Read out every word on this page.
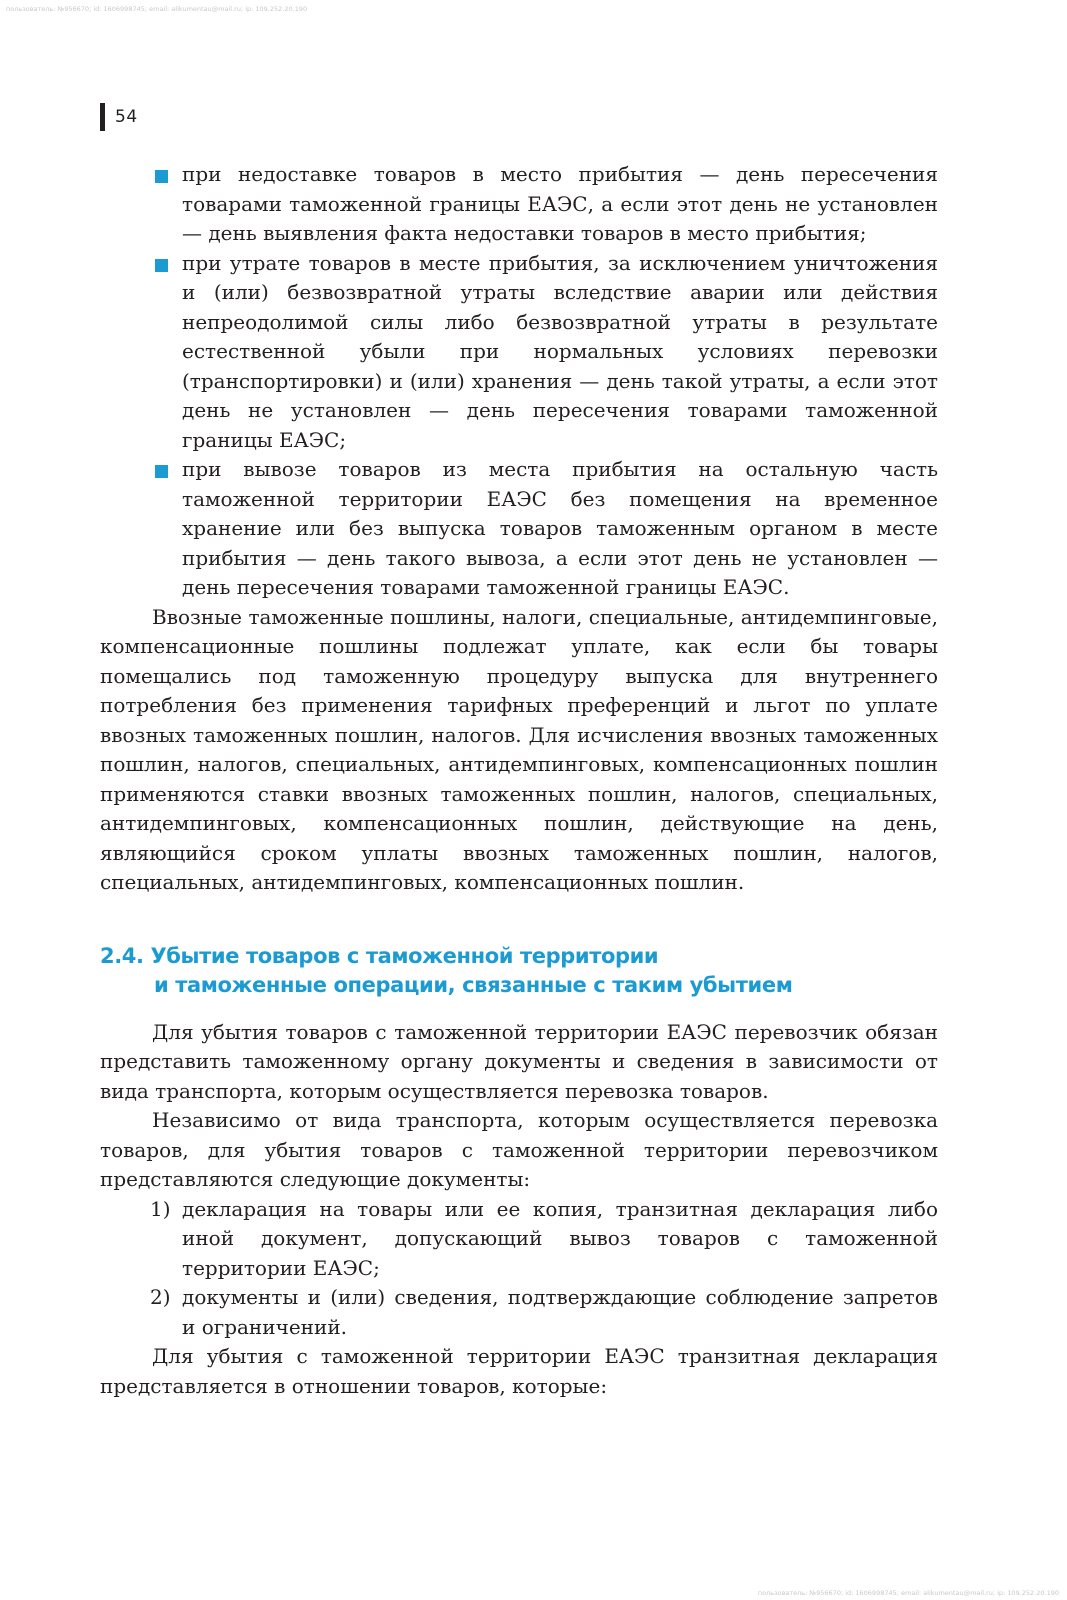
пользователь: №956670; id: 1606998745; email: alikumentau@mail.ru; ip: 109.252.20.190
54
при недоставке товаров в место прибытия — день пересечения товарами таможенной границы ЕАЭС, а если этот день не установлен — день выявления факта недоставки товаров в место прибытия;
при утрате товаров в месте прибытия, за исключением уничтожения и (или) безвозвратной утраты вследствие аварии или действия непреодолимой силы либо безвозвратной утраты в результате естественной убыли при нормальных условиях перевозки (транспортировки) и (или) хранения — день такой утраты, а если этот день не установлен — день пересечения товарами таможенной границы ЕАЭС;
при вывозе товаров из места прибытия на остальную часть таможенной территории ЕАЭС без помещения на временное хранение или без выпуска товаров таможенным органом в месте прибытия — день такого вывоза, а если этот день не установлен — день пересечения товарами таможенной границы ЕАЭС.

Ввозные таможенные пошлины, налоги, специальные, антидемпинговые, компенсационные пошлины подлежат уплате, как если бы товары помещались под таможенную процедуру выпуска для внутреннего потребления без применения тарифных преференций и льгот по уплате ввозных таможенных пошлин, налогов. Для исчисления ввозных таможенных пошлин, налогов, специальных, антидемпинговых, компенсационных пошлин применяются ставки ввозных таможенных пошлин, налогов, специальных, антидемпинговых, компенсационных пошлин, действующие на день, являющийся сроком уплаты ввозных таможенных пошлин, налогов, специальных, антидемпинговых, компенсационных пошлин.

2.4. Убытие товаров с таможенной территории
и таможенные операции, связанные с таким убытием

Для убытия товаров с таможенной территории ЕАЭС перевозчик обязан представить таможенному органу документы и сведения в зависимости от вида транспорта, которым осуществляется перевозка товаров.

Независимо от вида транспорта, которым осуществляется перевозка товаров, для убытия товаров с таможенной территории перевозчиком представляются следующие документы:

1) декларация на товары или ее копия, транзитная декларация либо иной документ, допускающий вывоз товаров с таможенной территории ЕАЭС;
2) документы и (или) сведения, подтверждающие соблюдение запретов и ограничений.

Для убытия с таможенной территории ЕАЭС транзитная декларация представляется в отношении товаров, которые:

пользователь: №956670; id: 1606998745; email: alikumentau@mail.ru; ip: 109.252.20.190
